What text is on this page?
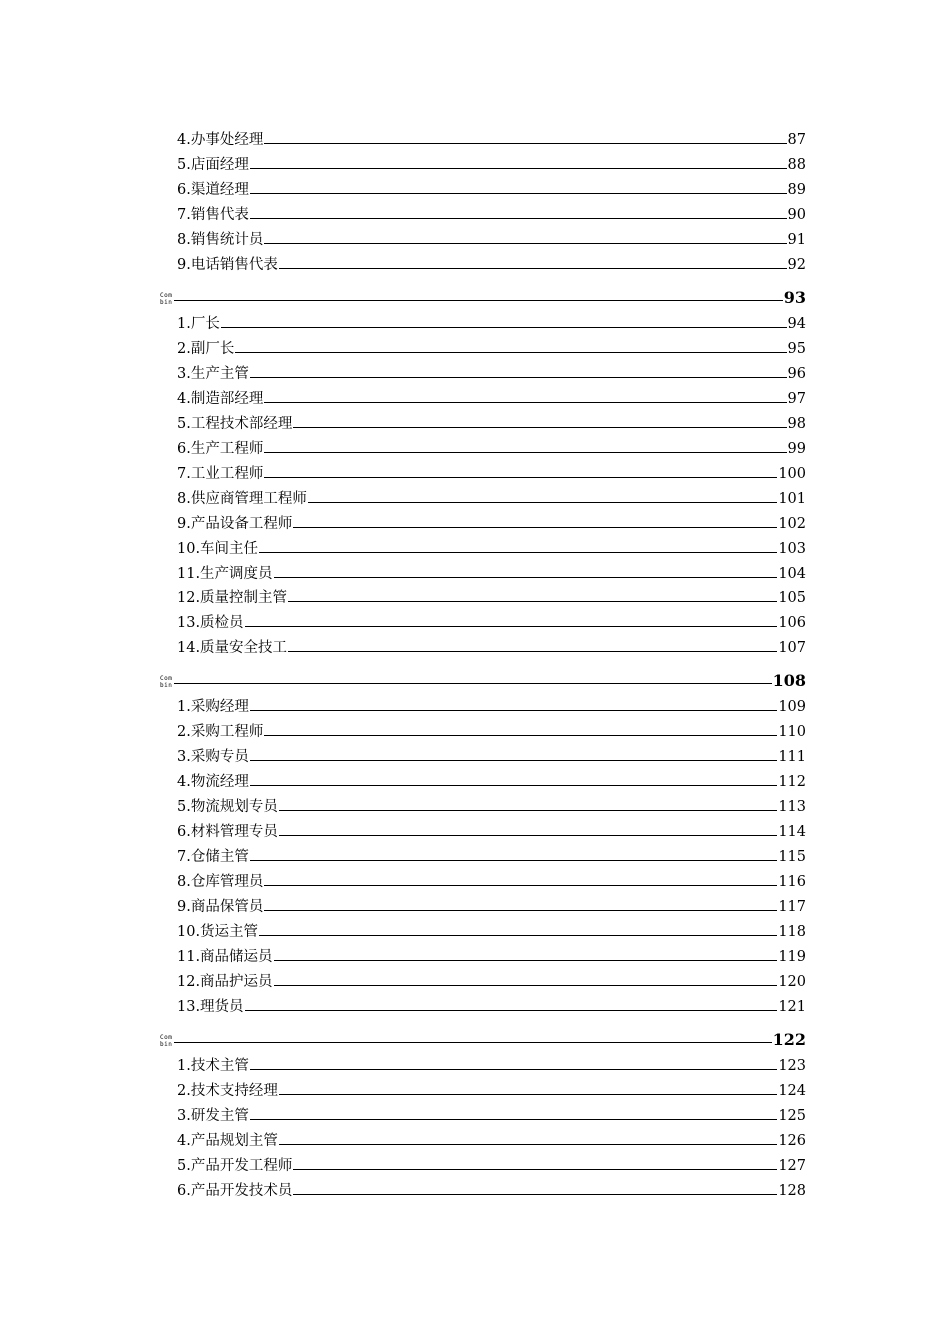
4.办事处经理	87
5.店面经理	88
6.渠道经理	89
7.销售代表	90
8.销售统计员	91
9.电话销售代表	92
Combin	93
1.厂长	94
2.副厂长	95
3.生产主管	96
4.制造部经理	97
5.工程技术部经理	98
6.生产工程师	99
7.工业工程师	100
8.供应商管理工程师	101
9.产品设备工程师	102
10.车间主任	103
11.生产调度员	104
12.质量控制主管	105
13.质检员	106
14.质量安全技工	107
Combin	108
1.采购经理	109
2.采购工程师	110
3.采购专员	111
4.物流经理	112
5.物流规划专员	113
6.材料管理专员	114
7.仓储主管	115
8.仓库管理员	116
9.商品保管员	117
10.货运主管	118
11.商品储运员	119
12.商品护运员	120
13.理货员	121
Combin	122
1.技术主管	123
2.技术支持经理	124
3.研发主管	125
4.产品规划主管	126
5.产品开发工程师	127
6.产品开发技术员	128
